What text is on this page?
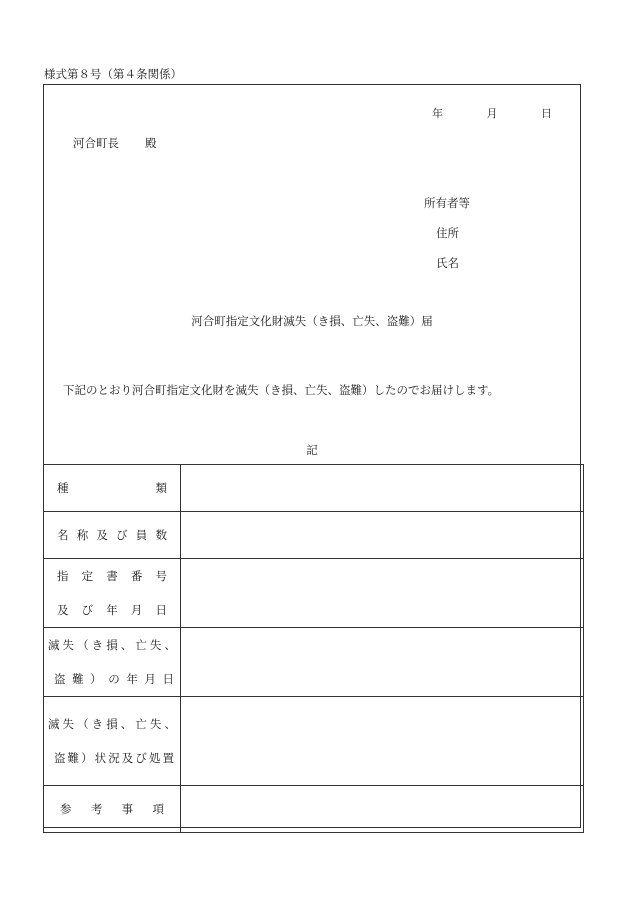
様式第８号（第４条関係）
年	月	日
河合町長 殿
所有者等
住所
氏名
河合町指定文化財滅失（き損、亡失、盗難）届
下記のとおり河合町指定文化財を滅失（き損、亡失、盗難）したのでお届けします。
記
種　　類	

名称及び員数	

指定書番号
及び年月日	

滅失（き損、亡失、
盗難）の年月日	

滅失（き損、亡失、
盗難）状況及び処置	

参考事項	
